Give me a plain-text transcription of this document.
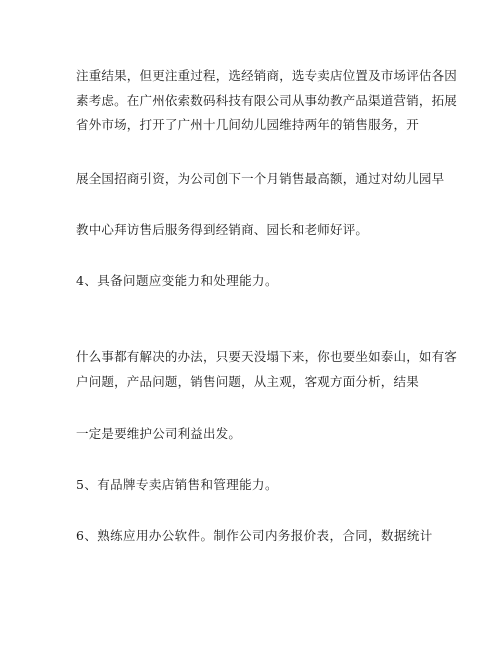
注重结果，但更注重过程，选经销商，选专卖店位置及市场评估各因

素考虑。在广州依索数码科技有限公司从事幼教产品渠道营销，拓展

省外市场，打开了广州十几间幼儿园维持两年的销售服务，开

展全国招商引资，为公司创下一个月销售最高额，通过对幼儿园早

教中心拜访售后服务得到经销商、园长和老师好评。

4、具备问题应变能力和处理能力。

什么事都有解决的办法，只要天没塌下来，你也要坐如泰山，如有客

户问题，产品问题，销售问题，从主观，客观方面分析，结果

一定是要维护公司利益出发。

5、有品牌专卖店销售和管理能力。

6、熟练应用办公软件。制作公司内务报价表，合同，数据统计
